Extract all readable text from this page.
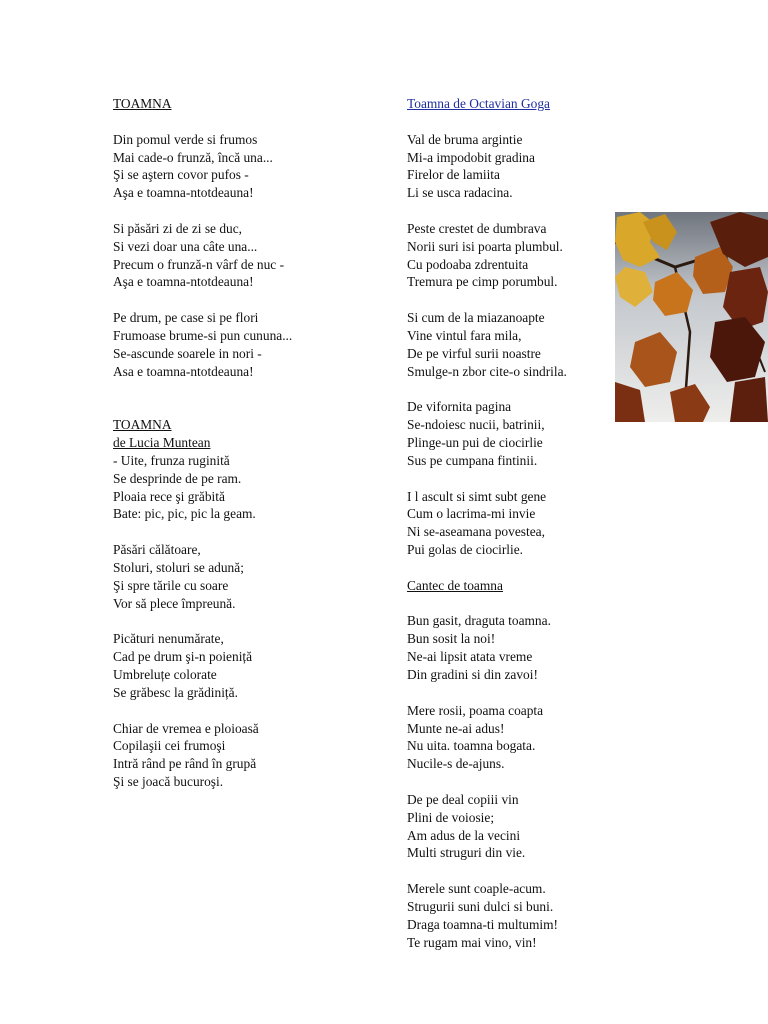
TOAMNA
Din pomul verde si frumos
Mai cade-o frunză, încă una...
Şi se aştern covor pufos -
Aşa e toamna-ntotdeauna!
Si păsări zi de zi se duc,
Si vezi doar una câte una...
Precum o frunză-n vârf de nuc -
Aşa e toamna-ntotdeauna!
Pe drum, pe case si pe flori
Frumoase brume-si pun cununa...
Se-ascunde soarele in nori -
Asa e toamna-ntotdeauna!
TOAMNA
de Lucia Muntean
- Uite, frunza ruginită
Se desprinde de pe ram.
Ploaia rece şi grăbită
Bate: pic, pic, pic la geam.
Păsări călătoare,
Stoluri, stoluri se adună;
Şi spre tările cu soare
Vor să plece împreună.
Picături nenumărate,
Cad pe drum şi-n poieniță
Umbreluțe colorate
Se grăbesc la grădiniță.
Chiar de vremea e ploioasă
Copilaşii cei frumoşi
Intră rând pe rând în grupă
Şi se joacă bucuroşi.
Toamna de Octavian Goga
Val de bruma argintie
Mi-a impodobit gradina
Firelor de lamiita
Li se usca radacina.
Peste crestet de dumbrava
Norii suri isi poarta plumbul.
Cu podoaba zdrentuita
Tremura pe cimp porumbul.
Si cum de la miazanoapte
Vine vintul fara mila,
De pe virful surii noastre
Smulge-n zbor cite-o sindrila.
De vifornita pagina
Se-ndoiesc nucii, batrinii,
Plinge-un pui de ciocirlie
Sus pe cumpana fintinii.
I l ascult si simt subt gene
Cum o lacrima-mi invie
Ni se-aseamana povestea,
Pui golas de ciocirlie.
Cantec de toamna
Bun gasit, draguta toamna.
Bun sosit la noi!
Ne-ai lipsit atata vreme
Din gradini si din zavoi!
Mere rosii, poama coapta
Munte ne-ai adus!
Nu uita. toamna bogata.
Nucile-s de-ajuns.
De pe deal copiii vin
Plini de voiosie;
Am adus de la vecini
Multi struguri din vie.
Merele sunt coaple-acum.
Strugurii suni dulci si buni.
Draga toamna-ti multumim!
Te rugam mai vino, vin!
